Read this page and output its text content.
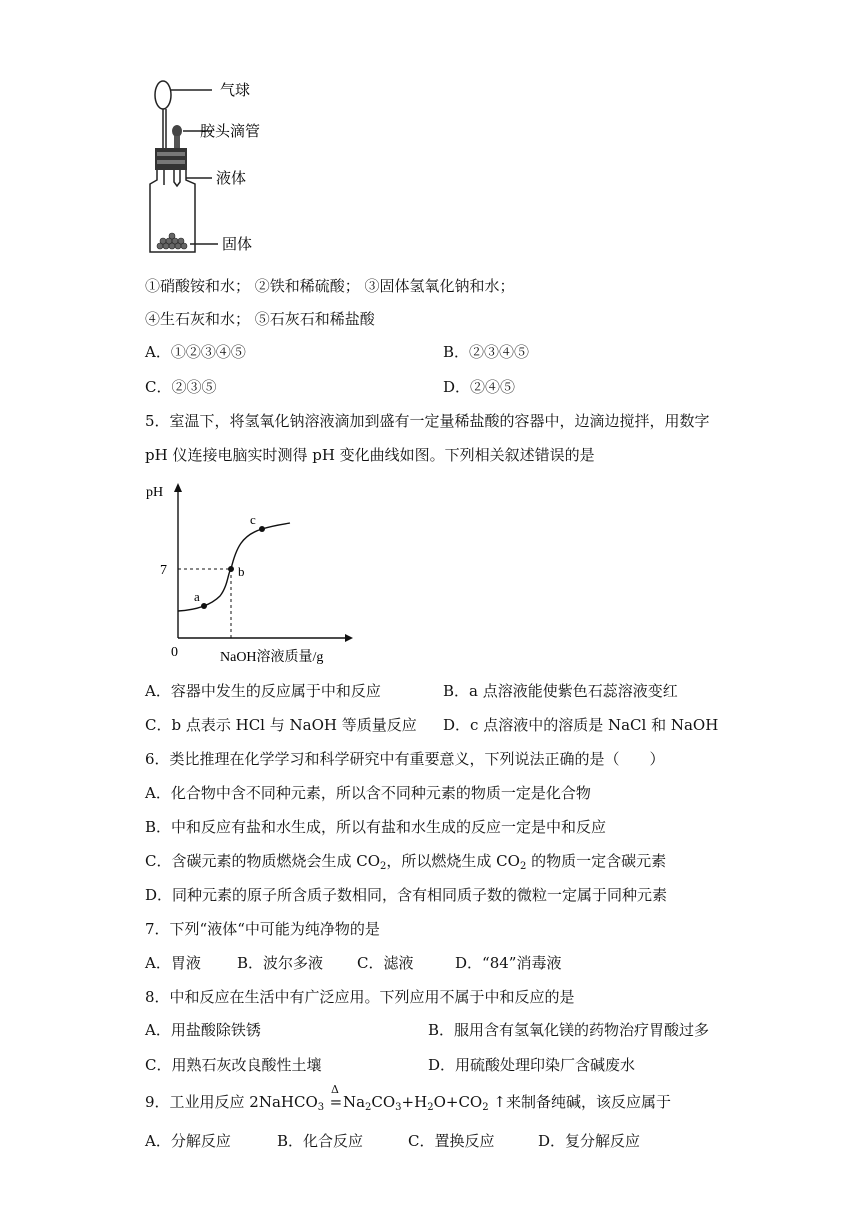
气球
胶头滴管
液体
固体
①硝酸铵和水； ②铁和稀硫酸； ③固体氢氧化钠和水；
④生石灰和水； ⑤石灰石和稀盐酸
A．①②③④⑤	B．②③④⑤
C．②③⑤	D．②④⑤
5．室温下，将氢氧化钠溶液滴加到盛有一定量稀盐酸的容器中，边滴边搅拌，用数字
pH 仪连接电脑实时测得 pH 变化曲线如图。下列相关叙述错误的是
pH
0
7
a
b
c
NaOH溶液质量/g
A．容器中发生的反应属于中和反应	B．a 点溶液能使紫色石蕊溶液变红
C．b 点表示 HCl 与 NaOH 等质量反应 D．c 点溶液中的溶质是 NaCl 和 NaOH
6．类比推理在化学学习和科学研究中有重要意义，下列说法正确的是（　　）
A．化合物中含不同种元素，所以含不同种元素的物质一定是化合物
B．中和反应有盐和水生成，所以有盐和水生成的反应一定是中和反应
C．含碳元素的物质燃烧会生成 $CO_2$，所以燃烧生成 $CO_2$ 的物质一定含碳元素
D．同种元素的原子所含质子数相同，含有相同质子数的微粒一定属于同种元素
7．下列“液体“中可能为纯净物的是
A．胃液 B．波尔多液 C．滤液	D．“84”消毒液
8．中和反应在生活中有广泛应用。下列应用不属于中和反应的是
A．用盐酸除铁锈	B．服用含有氢氧化镁的药物治疗胃酸过多
C．用熟石灰改良酸性土壤	D．用硫酸处理印染厂含碱废水
9．工业用反应 2NaHCO$_3$
Δ
$=Na_2CO_3+H_2O+CO_2$ ↑来制备纯碱，该反应属于
A．分解反应	B．化合反应	C．置换反应	D．复分解反应
